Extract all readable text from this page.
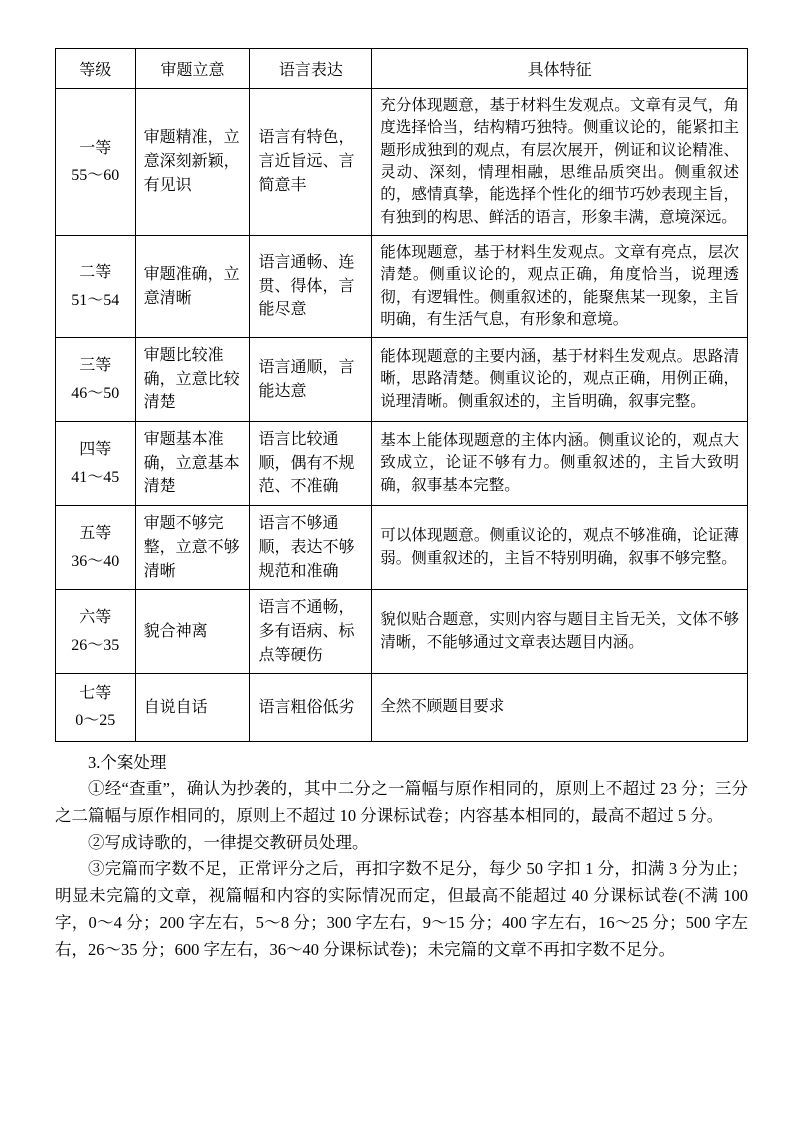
等级	审题立意	语言表达	具体特征

一等
55～60	审题精准，立意深刻新颖，有见识	语言有特色，言近旨远、言简意丰	充分体现题意，基于材料生发观点。文章有灵气，角度选择恰当，结构精巧独特。侧重议论的，能紧扣主题形成独到的观点，有层次展开，例证和议论精准、灵动、深刻，情理相融，思维品质突出。侧重叙述的，感情真挚，能选择个性化的细节巧妙表现主旨，有独到的构思、鲜活的语言，形象丰满，意境深远。

二等
51～54	审题准确，立意清晰	语言通畅、连贯、得体，言能尽意	能体现题意，基于材料生发观点。文章有亮点，层次清楚。侧重议论的，观点正确，角度恰当，说理透彻，有逻辑性。侧重叙述的，能聚焦某一现象，主旨明确，有生活气息，有形象和意境。

三等
46～50	审题比较准确，立意比较清楚	语言通顺，言能达意	能体现题意的主要内涵，基于材料生发观点。思路清晰，思路清楚。侧重议论的，观点正确，用例正确，说理清晰。侧重叙述的，主旨明确，叙事完整。

四等
41～45	审题基本准确，立意基本清楚	语言比较通顺，偶有不规范、不准确	基本上能体现题意的主体内涵。侧重议论的，观点大致成立，论证不够有力。侧重叙述的，主旨大致明确，叙事基本完整。

五等
36～40	审题不够完整，立意不够清晰	语言不够通顺，表达不够规范和准确	可以体现题意。侧重议论的，观点不够准确，论证薄弱。侧重叙述的，主旨不特别明确，叙事不够完整。

六等
26～35	貌合神离	语言不通畅，多有语病、标点等硬伤	貌似贴合题意，实则内容与题目主旨无关，文体不够清晰，不能够通过文章表达题目内涵。

七等
0～25	自说自话	语言粗俗低劣	全然不顾题目要求

3.个案处理

①经“查重”，确认为抄袭的，其中二分之一篇幅与原作相同的，原则上不超过 23 分；三分之二篇幅与原作相同的，原则上不超过 10 分课标试卷；内容基本相同的，最高不超过 5 分。

②写成诗歌的，一律提交教研员处理。

③完篇而字数不足，正常评分之后，再扣字数不足分，每少 50 字扣 1 分，扣满 3 分为止；明显未完篇的文章，视篇幅和内容的实际情况而定，但最高不能超过 40 分课标试卷(不满 100 字，0～4 分；200 字左右，5～8 分；300 字左右，9～15 分；400 字左右，16～25 分；500 字左右，26～35 分；600 字左右，36～40 分课标试卷)；未完篇的文章不再扣字数不足分。
